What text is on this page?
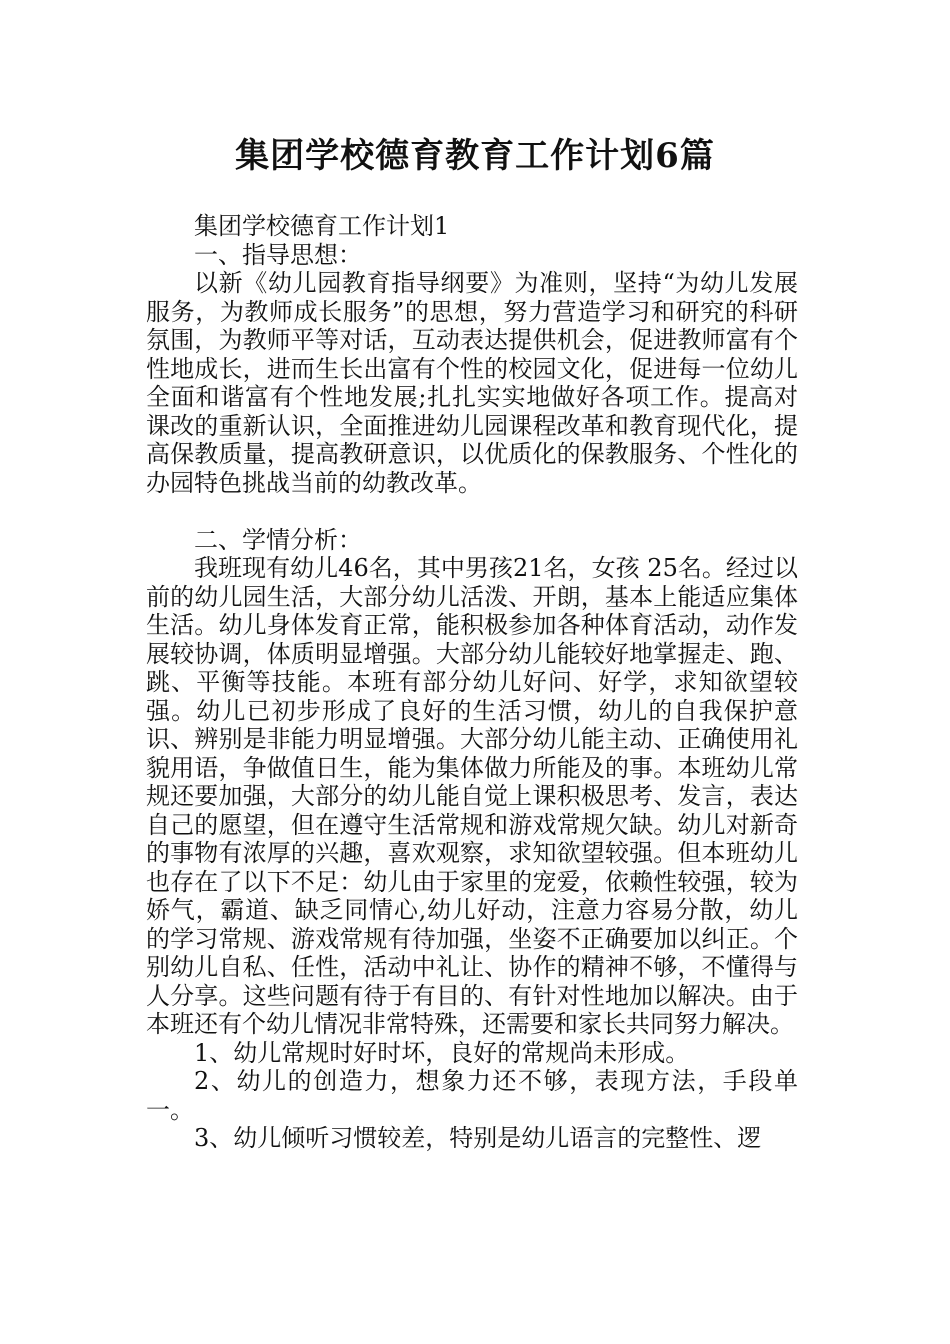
集团学校德育教育工作计划6篇

集团学校德育工作计划1

一、指导思想：

以新《幼儿园教育指导纲要》为准则，坚持“为幼儿发展服务，为教师成长服务”的思想，努力营造学习和研究的科研氛围，为教师平等对话，互动表达提供机会，促进教师富有个性地成长，进而生长出富有个性的校园文化，促进每一位幼儿全面和谐富有个性地发展;扎扎实实地做好各项工作。提高对课改的重新认识，全面推进幼儿园课程改革和教育现代化，提高保教质量，提高教研意识，以优质化的保教服务、个性化的办园特色挑战当前的幼教改革。

二、学情分析：

我班现有幼儿46名，其中男孩21名，女孩 25名。经过以前的幼儿园生活，大部分幼儿活泼、开朗，基本上能适应集体生活。幼儿身体发育正常，能积极参加各种体育活动，动作发展较协调，体质明显增强。大部分幼儿能较好地掌握走、跑、跳、平衡等技能。本班有部分幼儿好问、好学，求知欲望较强。幼儿已初步形成了良好的生活习惯，幼儿的自我保护意识、辨别是非能力明显增强。大部分幼儿能主动、正确使用礼貌用语，争做值日生，能为集体做力所能及的事。本班幼儿常规还要加强，大部分的幼儿能自觉上课积极思考、发言，表达自己的愿望，但在遵守生活常规和游戏常规欠缺。幼儿对新奇的事物有浓厚的兴趣，喜欢观察，求知欲望较强。但本班幼儿也存在了以下不足：幼儿由于家里的宠爱，依赖性较强，较为娇气，霸道、缺乏同情心,幼儿好动，注意力容易分散，幼儿的学习常规、游戏常规有待加强，坐姿不正确要加以纠正。个别幼儿自私、任性，活动中礼让、协作的精神不够，不懂得与人分享。这些问题有待于有目的、有针对性地加以解决。由于本班还有个幼儿情况非常特殊，还需要和家长共同努力解决。

1、幼儿常规时好时坏，良好的常规尚未形成。

2、幼儿的创造力，想象力还不够，表现方法，手段单一。

3、幼儿倾听习惯较差，特别是幼儿语言的完整性、逻
